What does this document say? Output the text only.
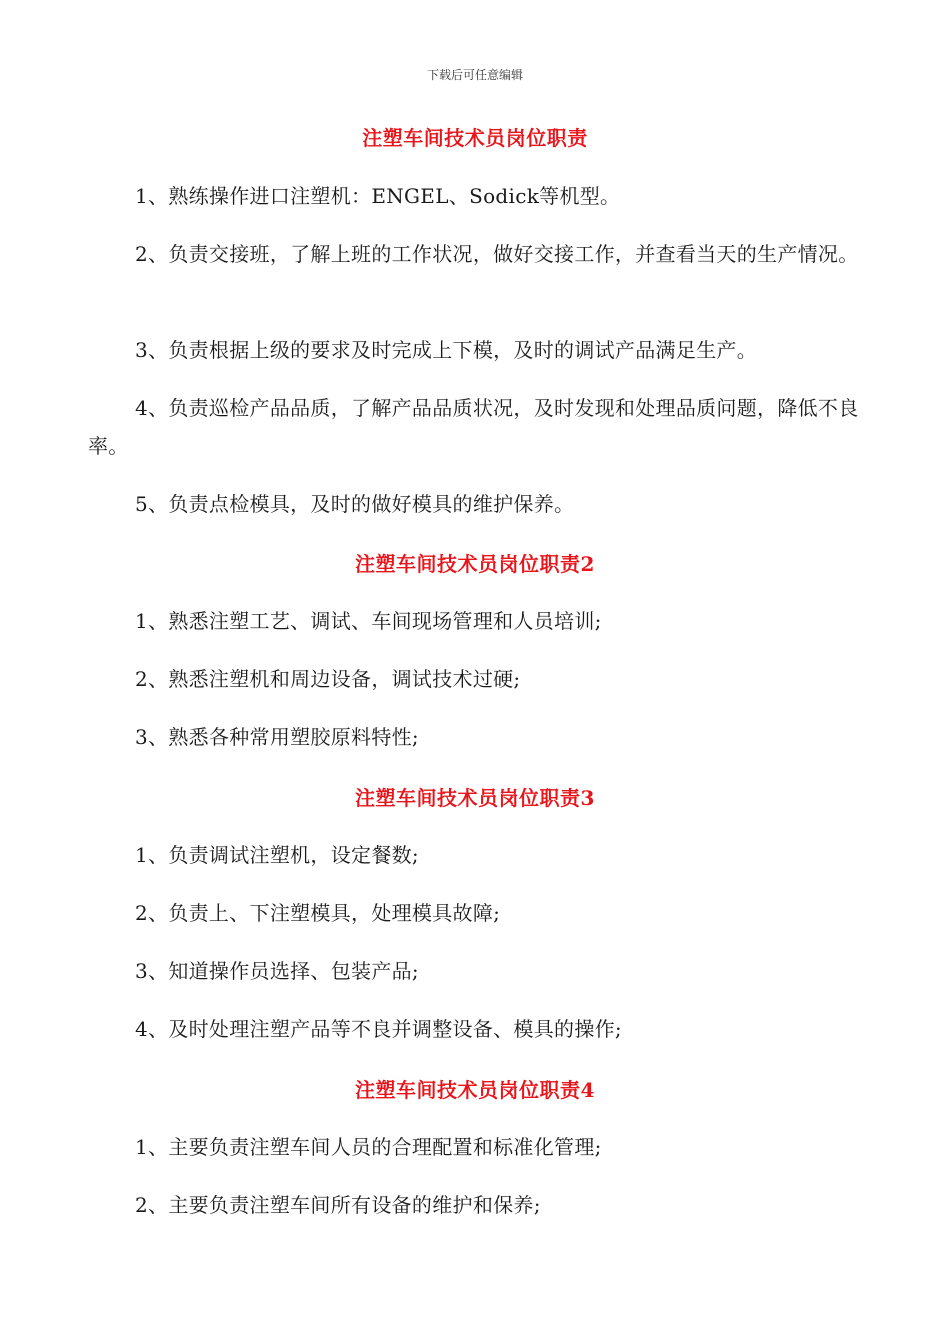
下载后可任意编辑
注塑车间技术员岗位职责

1、熟练操作进口注塑机：ENGEL、Sodick等机型。

2、负责交接班，了解上班的工作状况，做好交接工作，并查看当天的生产情况。

3、负责根据上级的要求及时完成上下模，及时的调试产品满足生产。

4、负责巡检产品品质，了解产品品质状况，及时发现和处理品质问题，降低不良率。

5、负责点检模具，及时的做好模具的维护保养。

注塑车间技术员岗位职责2

1、熟悉注塑工艺、调试、车间现场管理和人员培训;

2、熟悉注塑机和周边设备，调试技术过硬;

3、熟悉各种常用塑胶原料特性;

注塑车间技术员岗位职责3

1、负责调试注塑机，设定餐数;

2、负责上、下注塑模具，处理模具故障;

3、知道操作员选择、包装产品;

4、及时处理注塑产品等不良并调整设备、模具的操作;

注塑车间技术员岗位职责4

1、主要负责注塑车间人员的合理配置和标准化管理;

2、主要负责注塑车间所有设备的维护和保养;
